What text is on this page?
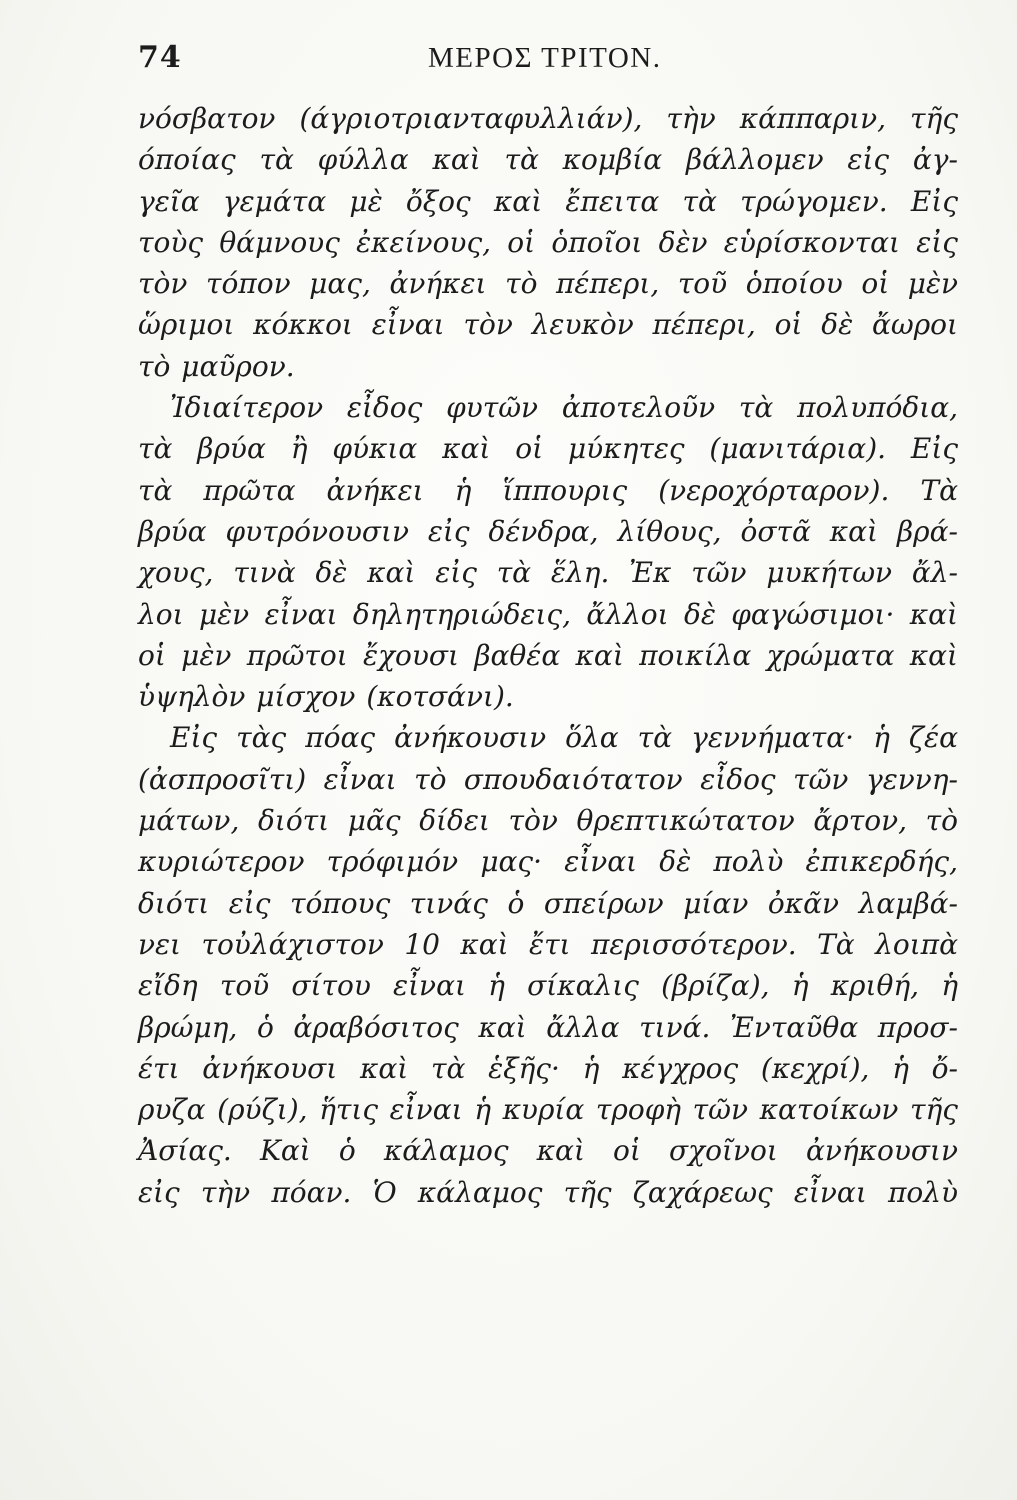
74	ΜΕΡΟΣ ΤΡΙΤΟΝ.
νόσβατον (άγριοτριανταφυλλιάν), τὴν κάππαριν, τῆς
όποίας τὰ φύλλα καὶ τὰ κομβία βάλλομεν εἰς ἀγ-
γεῖα γεμάτα μὲ ὄξος καὶ ἔπειτα τὰ τρώγομεν. Εἰς
τοὺς θάμνους ἐκείνους, οἱ ὁποῖοι δὲν εὑρίσκονται εἰς
τὸν τόπον μας, ἀνήκει τὸ πέπερι, τοῦ ὁποίου οἱ μὲν
ὥριμοι κόκκοι εἶναι τὸν λευκὸν πέπερι, οἱ δὲ ἄωροι
τὸ μαῦρον.
Ἰδιαίτερον εἶδος φυτῶν ἀποτελοῦν τὰ πολυπόδια,
τὰ βρύα ἢ φύκια καὶ οἱ μύκητες (μανιτάρια). Εἰς
τὰ πρῶτα ἀνήκει ἡ ἵππουρις (νεροχόρταρον). Τὰ
βρύα φυτρόνουσιν εἰς δένδρα, λίθους, ὀστᾶ καὶ βρά-
χους, τινὰ δὲ καὶ εἰς τὰ ἕλη. Ἐκ τῶν μυκήτων ἄλ-
λοι μὲν εἶναι δηλητηριώδεις, ἄλλοι δὲ φαγώσιμοι· καὶ
οἱ μὲν πρῶτοι ἔχουσι βαθέα καὶ ποικίλα χρώματα καὶ
ὑψηλὸν μίσχον (κοτσάνι).
Εἰς τὰς πόας ἀνήκουσιν ὅλα τὰ γεννήματα· ἡ ζέα
(ἀσπροσῖτι) εἶναι τὸ σπουδαιότατον εἶδος τῶν γεννη-
μάτων, διότι μᾶς δίδει τὸν θρεπτικώτατον ἄρτον, τὸ
κυριώτερον τρόφιμόν μας· εἶναι δὲ πολὺ ἐπικερδής,
διότι εἰς τόπους τινάς ὁ σπείρων μίαν ὀκᾶν λαμβά-
νει τοὐλάχιστον 10 καὶ ἔτι περισσότερον. Τὰ λοιπὰ
εἴδη τοῦ σίτου εἶναι ἡ σίκαλις (βρίζα), ἡ κριθή, ἡ
βρώμη, ὁ ἀραβόσιτος καὶ ἄλλα τινά. Ἐνταῦθα προσ-
έτι ἀνήκουσι καὶ τὰ ἑξῆς· ἡ κέγχρος (κεχρί), ἡ ὄ-
ρυζα (ρύζι), ἥτις εἶναι ἡ κυρία τροφὴ τῶν κατοίκων τῆς
Ἀσίας. Καὶ ὁ κάλαμος καὶ οἱ σχοῖνοι ἀνήκουσιν
εἰς τὴν πόαν. Ὁ κάλαμος τῆς ζαχάρεως εἶναι πολὺ
